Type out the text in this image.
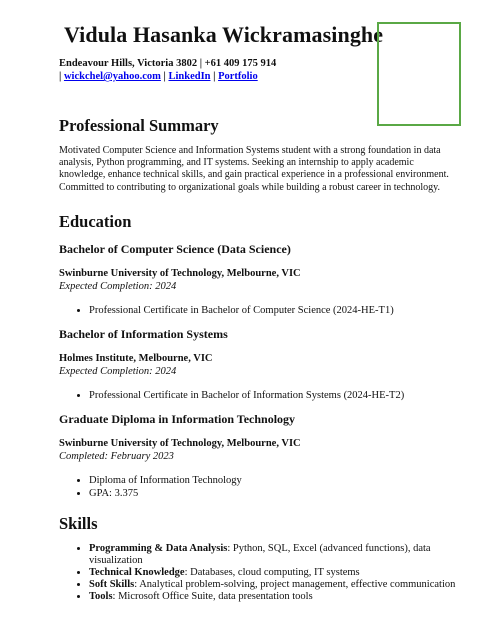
Vidula Hasanka Wickramasinghe
Endeavour Hills, Victoria 3802 | +61 409 175 914
| wickchel@yahoo.com | LinkedIn | Portfolio
Professional Summary

Motivated Computer Science and Information Systems student with a strong foundation in data analysis, Python programming, and IT systems. Seeking an internship to apply academic knowledge, enhance technical skills, and gain practical experience in a professional environment. Committed to contributing to organizational goals while building a robust career in technology.

Education
Bachelor of Computer Science (Data Science)
Swinburne University of Technology, Melbourne, VIC
Expected Completion: 2024
• Professional Certificate in Bachelor of Computer Science (2024-HE-T1)
Bachelor of Information Systems
Holmes Institute, Melbourne, VIC
Expected Completion: 2024
• Professional Certificate in Bachelor of Information Systems (2024-HE-T2)
Graduate Diploma in Information Technology
Swinburne University of Technology, Melbourne, VIC
Completed: February 2023
• Diploma of Information Technology
• GPA: 3.375
Skills
• Programming & Data Analysis: Python, SQL, Excel (advanced functions), data visualization
• Technical Knowledge: Databases, cloud computing, IT systems
• Soft Skills: Analytical problem-solving, project management, effective communication
• Tools: Microsoft Office Suite, data presentation tools
